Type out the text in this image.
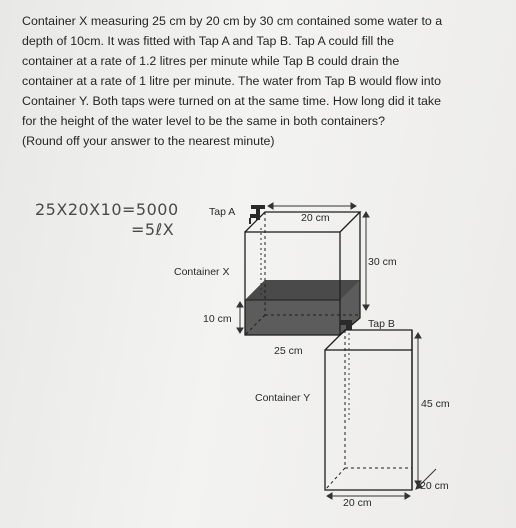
Container X measuring 25 cm by 20 cm by 30 cm contained some water to a
depth of 10cm. It was fitted with Tap A and Tap B. Tap A could fill the
container at a rate of 1.2 litres per minute while Tap B could drain the
container at a rate of 1 litre per minute. The water from Tap B would flow into
Container Y. Both taps were turned on at the same time. How long did it take
for the height of the water level to be the same in both containers?
(Round off your answer to the nearest minute)
25X20X10=5000
=5ℓX
Tap A	20 cm
Container X
30 cm
10 cm	Tap B
25 cm
Container Y	45 cm
20 cm
20 cm
